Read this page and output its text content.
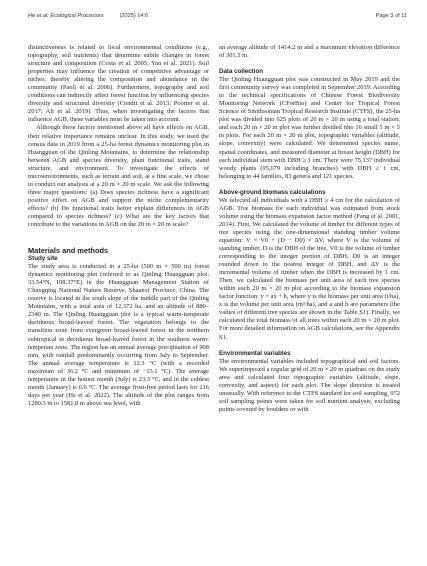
He et al. Ecological Processes	(2025) 14:6	Page 3 of 11

distinctiveness is related to local environmental conditions (e.g., topography, soil nutrients) that determine subtle changes in forest structure and composition (Costa et al. 2005; Yao et al. 2021). Soil properties may influence the creation of competitive advantage or niches, thereby altering the composition and abundance in the community (Paoli et al. 2006). Furthermore, topography and soil conditions can indirectly affect forest function by influencing species diversity and structural diversity (Condit et al. 2013; Poorter et al. 2017; Ali et al. 2019). Thus, when investigating the factors that influence AGB, these variables must be taken into account.

Although these factors mentioned above all have effects on AGB, their relative importance remains unclear. In this study, we used the census data in 2019 from a 25-ha forest dynamics monitoring plot in Huangguan of the Qinling Mountains, to determine the relationship between AGB and species diversity, plant functional traits, stand structure, and environment. To investigate the effects of microenvironments, such as terrain and soil, at a fine scale, we chose to conduct our analysis at a 20 m × 20 m scale. We ask the following three major questions: (a) Does species richness have a significant positive effect on AGB and support the niche complementarity effects? (b) Do functional traits better explain differences in AGB compared to species richness? (c) What are the key factors that contribute to the variations in AGB on the 20 m × 20 m scale?

Materials and methods
Study site

The study area is conducted in a 25-ha (500 m × 500 m) forest dynamics monitoring plot (referred to as Qinling Huangguan plot: 33.54°N, 108.37°E) in the Huangguan Management Station of Changqing National Nature Reserve, Shaanxi Province, China. The reserve is located in the south slope of the middle part of the Qinling Mountains, with a total area of 12,372 ha, and an altitude of 880–2340 m. The Qinling Huangguan plot is a typical warm-temperate deciduous broad-leaved forest. The vegetation belongs to the transition zone from evergreen broad-leaved forest in the northern subtropical to deciduous broad-leaved forest in the southern warm-temperate zone. The region has an annual average precipitation of 908 mm, with rainfall predominantly occurring from July to September. The annual average temperature is 12.3 °C (with a recorded maximum of 36.2 °C and minimum of −13.1 °C). The average temperature in the hottest month (July) is 23.3 °C, and in the coldest month (January) is 0.6 °C. The average frost-free period lasts for 216 days per year (He et al. 2022). The altitude of the plot ranges from 1280.3 m to 1581.8 m above sea level, with

an average altitude of 1414.2 m and a maximum elevation difference of 301.5 m.

Data collection

The Qinling Huangguan plot was constructed in May 2019 and the first community survey was completed in September 2019. According to the technical specifications of Chinese Forest Biodiversity Monitoring Network (CForBio) and Center for Tropical Forest Science of Smithsonian Tropical Research Institute (CTFS), the 25-ha plot was divided into 625 plots of 20 m × 20 m using a total station, and each 20 m × 20 m plot was further divided into 16 small 5 m × 5 m plots. For each 20 m × 20 m plot, topographic variables (altitude, slope, convexity) were calculated. We determined species name, spatial coordinates, and measured diameter at breast height (DBH) for each individual stem with DBH ≥ 1 cm. There were 75,137 individual woody plants (95,679 including branches) with DBH ≥ 1 cm, belonging to 44 families, 83 genera and 121 species.

Above-ground biomass calculations

We selected all individuals with a DBH ≥ 4 cm for the calculation of AGB. Tree biomass for each individual was estimated from stock volume using the biomass expansion factor method (Fang et al. 2001, 2014). First, We calculated the volume of timber for different types of tree species using the one-dimensional standing timber volume equation: V = V0 + (D − D0) × ΔV, where V is the volume of standing timber, D is the DBH of the tree, V0 is the volume of timber corresponding to the integer portion of DBH, D0 is an integer rounded down to the nearest integer of DBH, and ΔV is the incremental volume of timber when the DBH is increased by 1 cm. Then, we calculated the biomass per unit area of each tree species within each 20 m × 20 m plot according to the biomass expansion factor function: y = ax + b, where y is the biomass per unit area (t/ha), x is the volume per unit area (m³/ha), and a and b are parameters (the values of different tree species are shown in the Table S1). Finally, we calculated the total biomass of all trees within each 20 m × 20 m plot. For more detailed information on AGB calculations, see the Appendix S1.

Environmental variables

The environmental variables included topographical and soil factors. We superimposed a regular grid of 20 m × 20 m quadrats on the study area and calculated four topographic variables (altitude, slope, convexity, and aspect) for each plot. The slope direction is treated unusually. With reference to the CTFS standard for soil sampling, 972 soil sampling points were taken for soil nutrient analysis, excluding points covered by boulders or with
